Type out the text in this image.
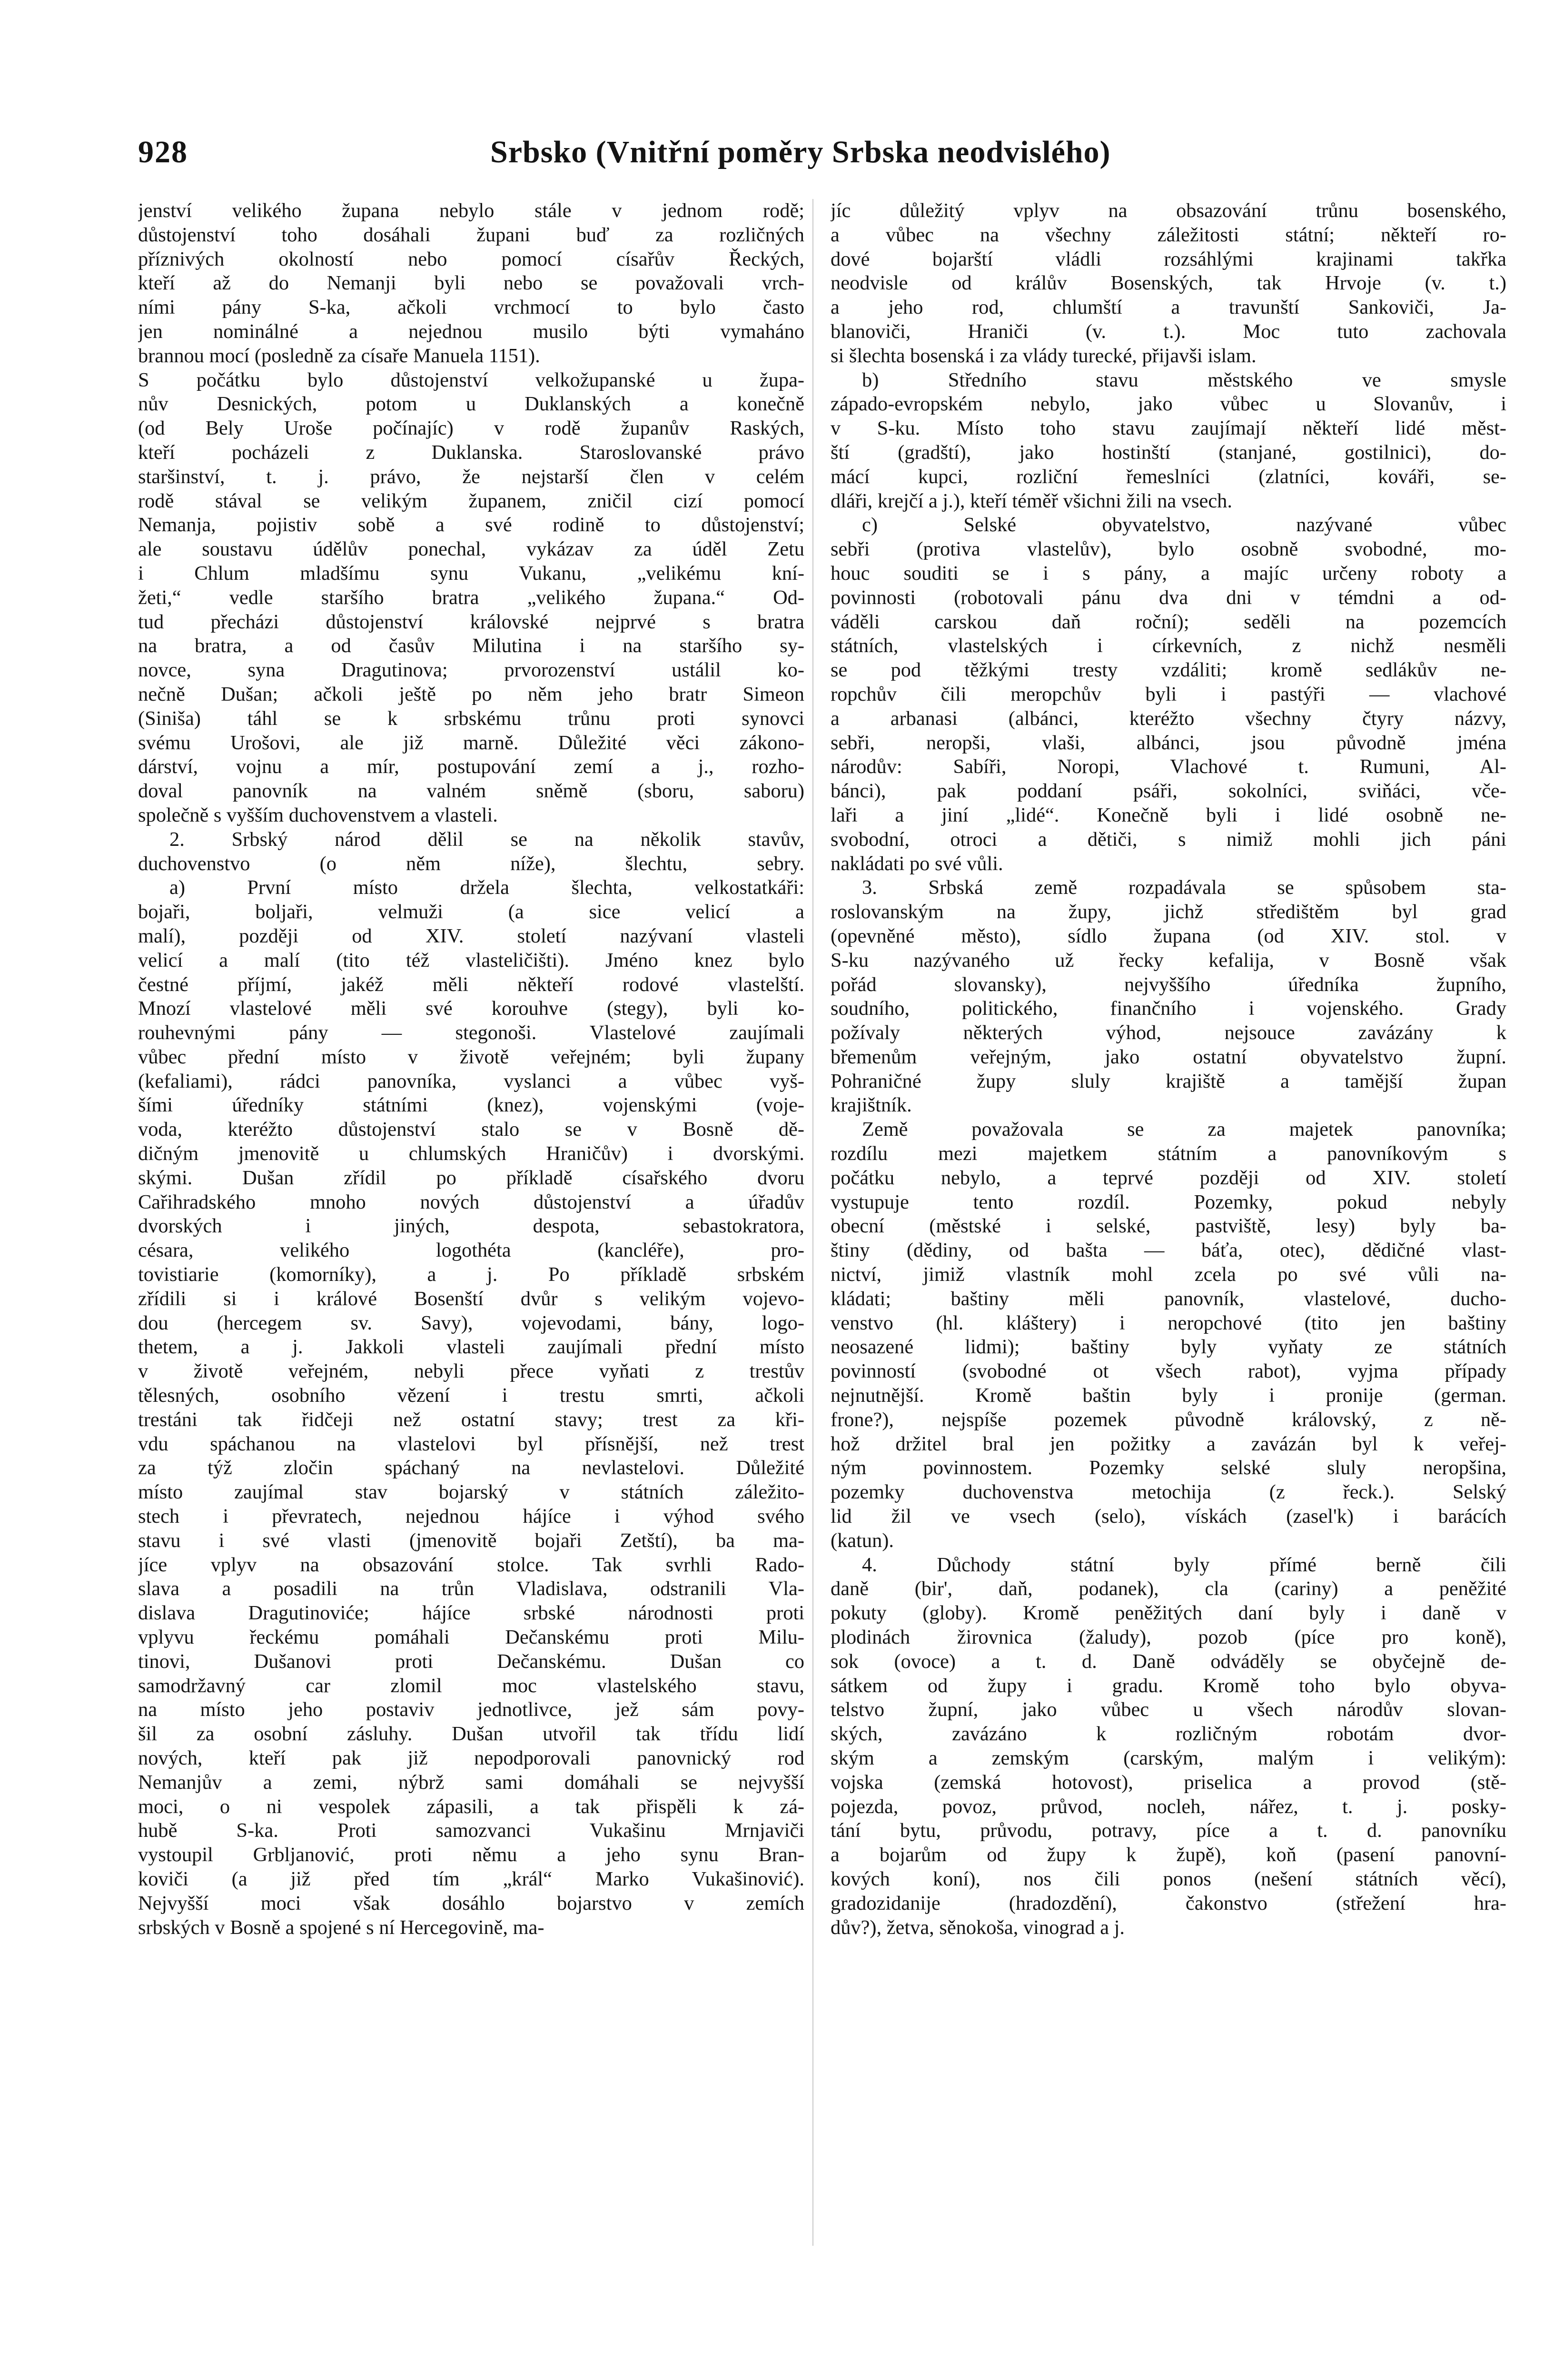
928	Srbsko (Vnitřní poměry Srbska neodvislého)
jenství velikého župana nebylo stále v jednom rodě;
důstojenství toho dosáhali župani buď za rozličných
příznivých okolností nebo pomocí císařův Řeckých,
kteří až do Nemanji byli nebo se považovali vrch-
ními pány S-ka, ačkoli vrchmocí to bylo často
jen nominálné a nejednou musilo býti vymaháno
brannou mocí (posledně za císaře Manuela 1151).
S počátku bylo důstojenství velkožupanské u župa-
nův Desnických, potom u Duklanských a konečně
(od Bely Uroše počínajíc) v rodě županův Raských,
kteří pocházeli z Duklanska. Staroslovanské právo
staršinství, t. j. právo, že nejstarší člen v celém
rodě stával se velikým županem, zničil cizí pomocí
Nemanja, pojistiv sobě a své rodině to důstojenství;
ale soustavu údělův ponechal, vykázav za úděl Zetu
i Chlum mladšímu synu Vukanu, „velikému kní-
žeti,“ vedle staršího bratra „velikého župana.“ Od-
tud přecházi důstojenství královské nejprvé s bratra
na bratra, a od časův Milutina i na staršího sy-
novce, syna Dragutinova; prvorozenství ustálil ko-
nečně Dušan; ačkoli ještě po něm jeho bratr Simeon
(Siniša) táhl se k srbskému trůnu proti synovci
svému Urošovi, ale již marně. Důležité věci zákono-
dárství, vojnu a mír, postupování zemí a j., rozho-
doval panovník na valném sněmě (sboru, saboru)
společně s vyšším duchovenstvem a vlasteli.
2. Srbský národ dělil se na několik stavův,
duchovenstvo (o něm níže), šlechtu, sebry.
a) První místo držela šlechta, velkostatkáři:
bojaři, boljaři, velmuži (a sice velicí a
malí), později od XIV. století nazývaní vlasteli
velicí a malí (tito též vlasteličišti). Jméno knez bylo
čestné příjmí, jakéž měli někteří rodové vlastelští.
Mnozí vlastelové měli své korouhve (stegy), byli ko-
rouhevnými pány — stegonoši. Vlastelové zaujímali
vůbec přední místo v životě veřejném; byli župany
(kefaliami), rádci panovníka, vyslanci a vůbec vyš-
šími úředníky státními (knez), vojenskými (voje-
voda, kteréžto důstojenství stalo se v Bosně dě-
dičným jmenovitě u chlumských Hraničův) i dvorskými.
skými. Dušan zřídil po příkladě císařského dvoru
Cařihradského mnoho nových důstojenství a úřadův
dvorských i jiných, despota, sebastokratora,
césara, velikého logothéta (kancléře), pro-
tovistiarie (komorníky), a j. Po příkladě srbském
zřídili si i králové Bosenští dvůr s velikým vojevo-
dou (hercegem sv. Savy), vojevodami, bány, logo-
thetem, a j. Jakkoli vlasteli zaujímali přední místo
v životě veřejném, nebyli přece vyňati z trestův
tělesných, osobního vězení i trestu smrti, ačkoli
trestáni tak řidčeji než ostatní stavy; trest za kři-
vdu spáchanou na vlastelovi byl přísnější, než trest
za týž zločin spáchaný na nevlastelovi. Důležité
místo zaujímal stav bojarský v státních záležito-
stech i převratech, nejednou hájíce i výhod svého
stavu i své vlasti (jmenovitě bojaři Zetští), ba ma-
jíce vplyv na obsazování stolce. Tak svrhli Rado-
slava a posadili na trůn Vladislava, odstranili Vla-
dislava Dragutinoviće; hájíce srbské národnosti proti
vplyvu řeckému pomáhali Dečanskému proti Milu-
tinovi, Dušanovi proti Dečanskému. Dušan co
samodržavný car zlomil moc vlastelského stavu,
na místo jeho postaviv jednotlivce, jež sám povy-
šil za osobní zásluhy. Dušan utvořil tak třídu lidí
nových, kteří pak již nepodporovali panovnický rod
Nemanjův a zemi, nýbrž sami domáhali se nejvyšší
moci, o ni vespolek zápasili, a tak přispěli k zá-
hubě S-ka. Proti samozvanci Vukašinu Mrnjaviči
vystoupil Grbljanović, proti němu a jeho synu Bran-
koviči (a již před tím „král“ Marko Vukašinović).
Nejvyšší moci však dosáhlo bojarstvo v zemích
srbských v Bosně a spojené s ní Hercegovině, ma-
jíc důležitý vplyv na obsazování trůnu bosenského,
a vůbec na všechny záležitosti státní; někteří ro-
dové bojarští vládli rozsáhlými krajinami takřka
neodvisle od králův Bosenských, tak Hrvoje (v. t.)
a jeho rod, chlumští a travunští Sankoviči, Ja-
blanoviči, Hraniči (v. t.). Moc tuto zachovala
si šlechta bosenská i za vlády turecké, přijavši islam.
b) Středního stavu městského ve smysle
západo-evropském nebylo, jako vůbec u Slovanův, i
v S-ku. Místo toho stavu zaujímají někteří lidé měst-
ští (gradští), jako hostinští (stanjané, gostilnici), do-
mácí kupci, rozliční řemeslníci (zlatníci, kováři, se-
dláři, krejčí a j.), kteří téměř všichni žili na vsech.
c) Selské obyvatelstvo, nazývané vůbec
sebři (protiva vlastelův), bylo osobně svobodné, mo-
houc souditi se i s pány, a majíc určeny roboty a
povinnosti (robotovali pánu dva dni v témdni a od-
váděli carskou daň roční); seděli na pozemcích
státních, vlastelských i církevních, z nichž nesměli
se pod těžkými tresty vzdáliti; kromě sedlákův ne-
ropchův čili meropchův byli i pastýři — vlachové
a arbanasi (albánci, kteréžto všechny čtyry názvy,
sebři, neropši, vlaši, albánci, jsou původně jména
národův: Sabíři, Noropi, Vlachové t. Rumuni, Al-
bánci), pak poddaní psáři, sokolníci, sviňáci, vče-
laři a jiní „lidé“. Konečně byli i lidé osobně ne-
svobodní, otroci a dětiči, s nimiž mohli jich páni
nakládati po své vůli.
3. Srbská země rozpadávala se spůsobem sta-
roslovanským na župy, jichž středištěm byl grad
(opevněné město), sídlo župana (od XIV. stol. v
S-ku nazývaného už řecky kefalija, v Bosně však
pořád slovansky), nejvyššího úředníka župního,
soudního, politického, finančního i vojenského. Grady
požívaly některých výhod, nejsouce zavázány k
břemenům veřejným, jako ostatní obyvatelstvo župní.
Pohraničné župy sluly krajiště a tamější župan
krajištník.
Země považovala se za majetek panovníka;
rozdílu mezi majetkem státním a panovníkovým s
počátku nebylo, a teprvé později od XIV. století
vystupuje tento rozdíl. Pozemky, pokud nebyly
obecní (městské i selské, pastviště, lesy) byly ba-
štiny (dědiny, od bašta — báťa, otec), dědičné vlast-
nictví, jimiž vlastník mohl zcela po své vůli na-
kládati; baštiny měli panovník, vlastelové, ducho-
venstvo (hl. kláštery) i neropchové (tito jen baštiny
neosazené lidmi); baštiny byly vyňaty ze státních
povinností (svobodné ot všech rabot), vyjma případy
nejnutnější. Kromě baštin byly i pronije (german.
frone?), nejspíše pozemek původně královský, z ně-
hož držitel bral jen požitky a zavázán byl k veřej-
ným povinnostem. Pozemky selské sluly neropšina,
pozemky duchovenstva metochija (z řeck.). Selský
lid žil ve vsech (selo), vískách (zasel'k) i barácích
(katun).
4. Důchody státní byly přímé berně čili
daně (bir', daň, podanek), cla (cariny) a peněžité
pokuty (globy). Kromě peněžitých daní byly i daně v
plodinách žirovnica (žaludy), pozob (píce pro koně),
sok (ovoce) a t. d. Daně odváděly se obyčejně de-
sátkem od župy i gradu. Kromě toho bylo obyva-
telstvo župní, jako vůbec u všech národův slovan-
ských, zavázáno k rozličným robotám dvor-
ským a zemským (carským, malým i velikým):
vojska (zemská hotovost), priselica a provod (stě-
pojezda, povoz, průvod, nocleh, nářez, t. j. posky-
tání bytu, průvodu, potravy, píce a t. d. panovníku
a bojarům od župy k župě), koň (pasení panovní-
kových koní), nos čili ponos (nešení státních věcí),
gradozidanije (hradozdění), čakonstvo (střežení hra-
dův?), žetva, sěnokoša, vinograd a j.
